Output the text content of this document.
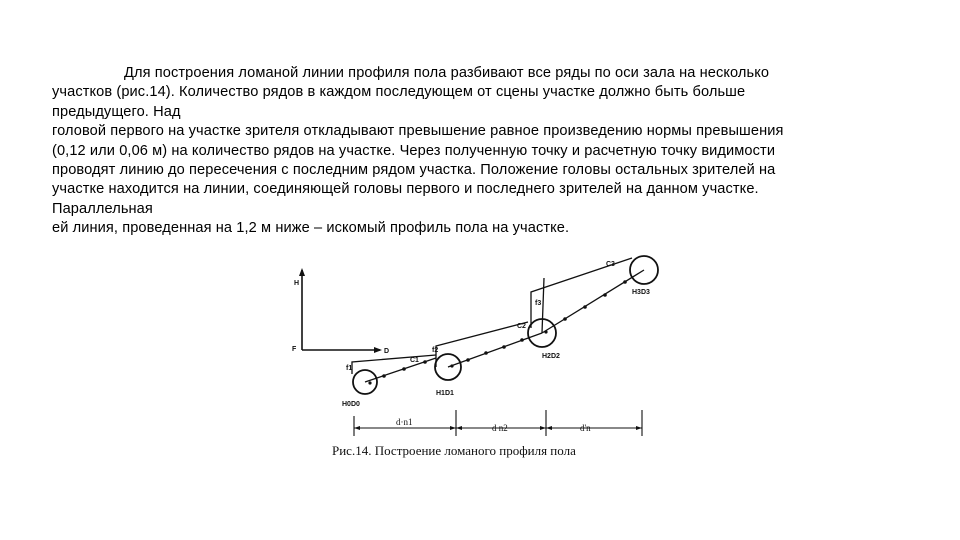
Для построения ломаной линии профиля пола разбивают все ряды по оси зала на несколько
участков (рис.14). Количество рядов в каждом последующем от сцены участке должно быть больше
предыдущего. Над
головой первого на участке зрителя откладывают превышение равное произведению нормы превышения
(0,12 или 0,06 м) на количество рядов на участке. Через полученную точку и расчетную точку видимости
проводят линию до пересечения с последним рядом участка. Положение головы остальных зрителей на
участке находится на линии, соединяющей головы первого и последнего зрителей на данном участке.
Параллельная
ей линия, проведенная на 1,2 м ниже – искомый профиль пола на участке.
H
F	D
C1
C2
C3
f1
f2
f3
H0D0
H1D1
H2D2
H3D3
d·n1
d n2	d'n
Рис.14. Построение ломаного профиля пола
